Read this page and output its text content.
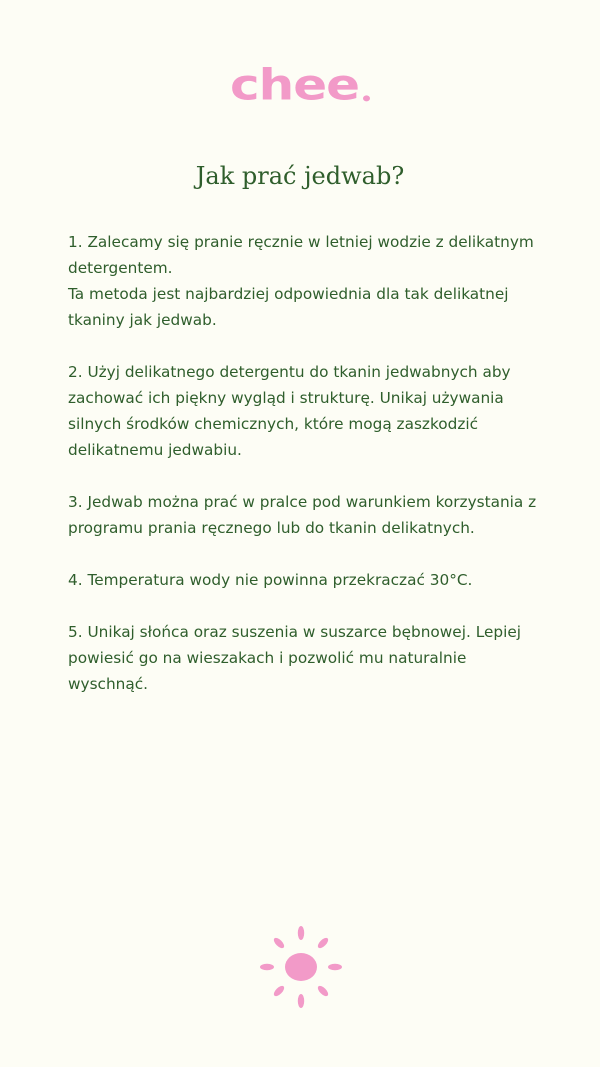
chee
Jak prać jedwab?

1. Zalecamy się pranie ręcznie w letniej wodzie z delikatnym detergentem.
Ta metoda jest najbardziej odpowiednia dla tak delikatnej tkaniny jak jedwab.

2. Użyj delikatnego detergentu do tkanin jedwabnych aby zachować ich piękny wygląd i strukturę. Unikaj używania silnych środków chemicznych, które mogą zaszkodzić delikatnemu jedwabiu.

3. Jedwab można prać w pralce pod warunkiem korzystania z programu prania ręcznego lub do tkanin delikatnych.

4. Temperatura wody nie powinna przekraczać 30°C.

5. Unikaj słońca oraz suszenia w suszarce bębnowej. Lepiej powiesić go na wieszakach i pozwolić mu naturalnie wyschnąć.
